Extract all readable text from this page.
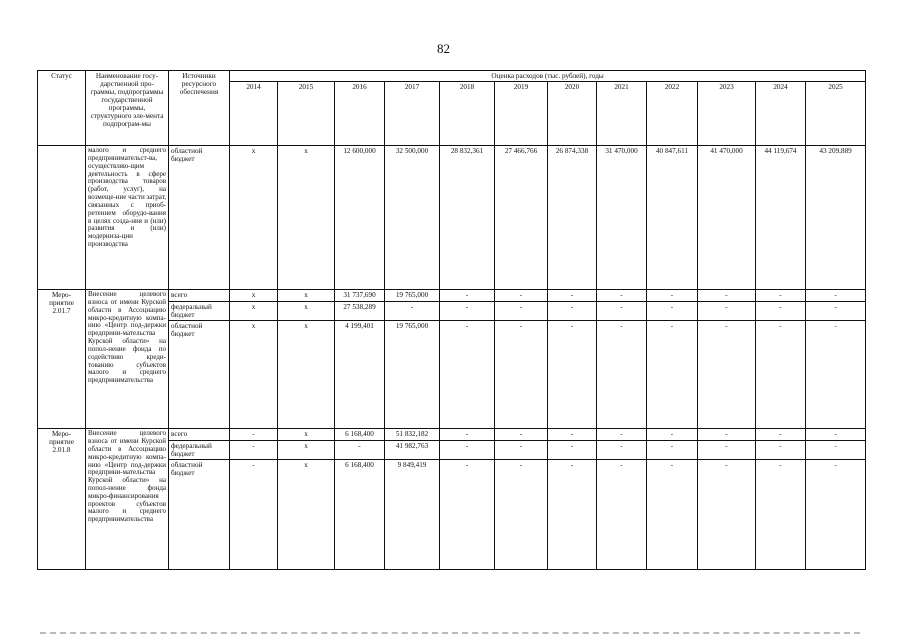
82
Статус	Наименование госу-дарственной про-граммы, подпрограммы государственной программы, структурного эле-мента подпрограм-мы	Источники ресурсного обеспечения	Оценка расходов (тыс. рублей), годы											
			2014	2015	2016	2017	2018	2019	2020	2021	2022	2023	2024	2025
	малого и среднего предпринимательст-ва, осуществляю-щим деятельность в сфере производства товаров (работ, услуг), на возмеще-ние части затрат, связанных с приоб-ретением оборудо-вания в целях созда-ния и (или) развития и (или) модерниза-ции производства	областной бюджет	x	x	12 600,000	32 500,000	28 832,361	27 466,766	26 874,338	31 470,000	40 847,611	41 470,000	44 119,674	43 209,889
Меро-приятие 2.01.7	Внесение целевого взноса от имени Курской области в Ассоциацию микро-кредитную компа-нию «Центр под-держки предприни-мательства Курской области» на попол-нение фонда по содействию креди-тованию субъектов малого и среднего предпринимательства	всего	x	x	31 737,690	19 765,000	-	-	-	-	-	-	-	-
		федеральный бюджет	x	x	27 538,289	-	-	-	-	-	-	-	-	-
		областной бюджет	x	x	4 199,401	19 765,000	-	-	-	-	-	-	-	-
Меро-приятие 2.01.8	Внесение целевого взноса от имени Курской области в Ассоциацию микро-кредитную компа-нию «Центр под-держки предприни-мательства Курской области» на попол-нение фонда микро-финансирования проектов субъектов малого и среднего предпринимательства	всего	-	x	6 168,400	51 832,182	-	-	-	-	-	-	-	-
		федеральный бюджет	-	x	-	41 982,763	-	-	-	-	-	-	-	-
		областной бюджет	-	x	6 168,400	9 849,419	-	-	-	-	-	-	-	-
